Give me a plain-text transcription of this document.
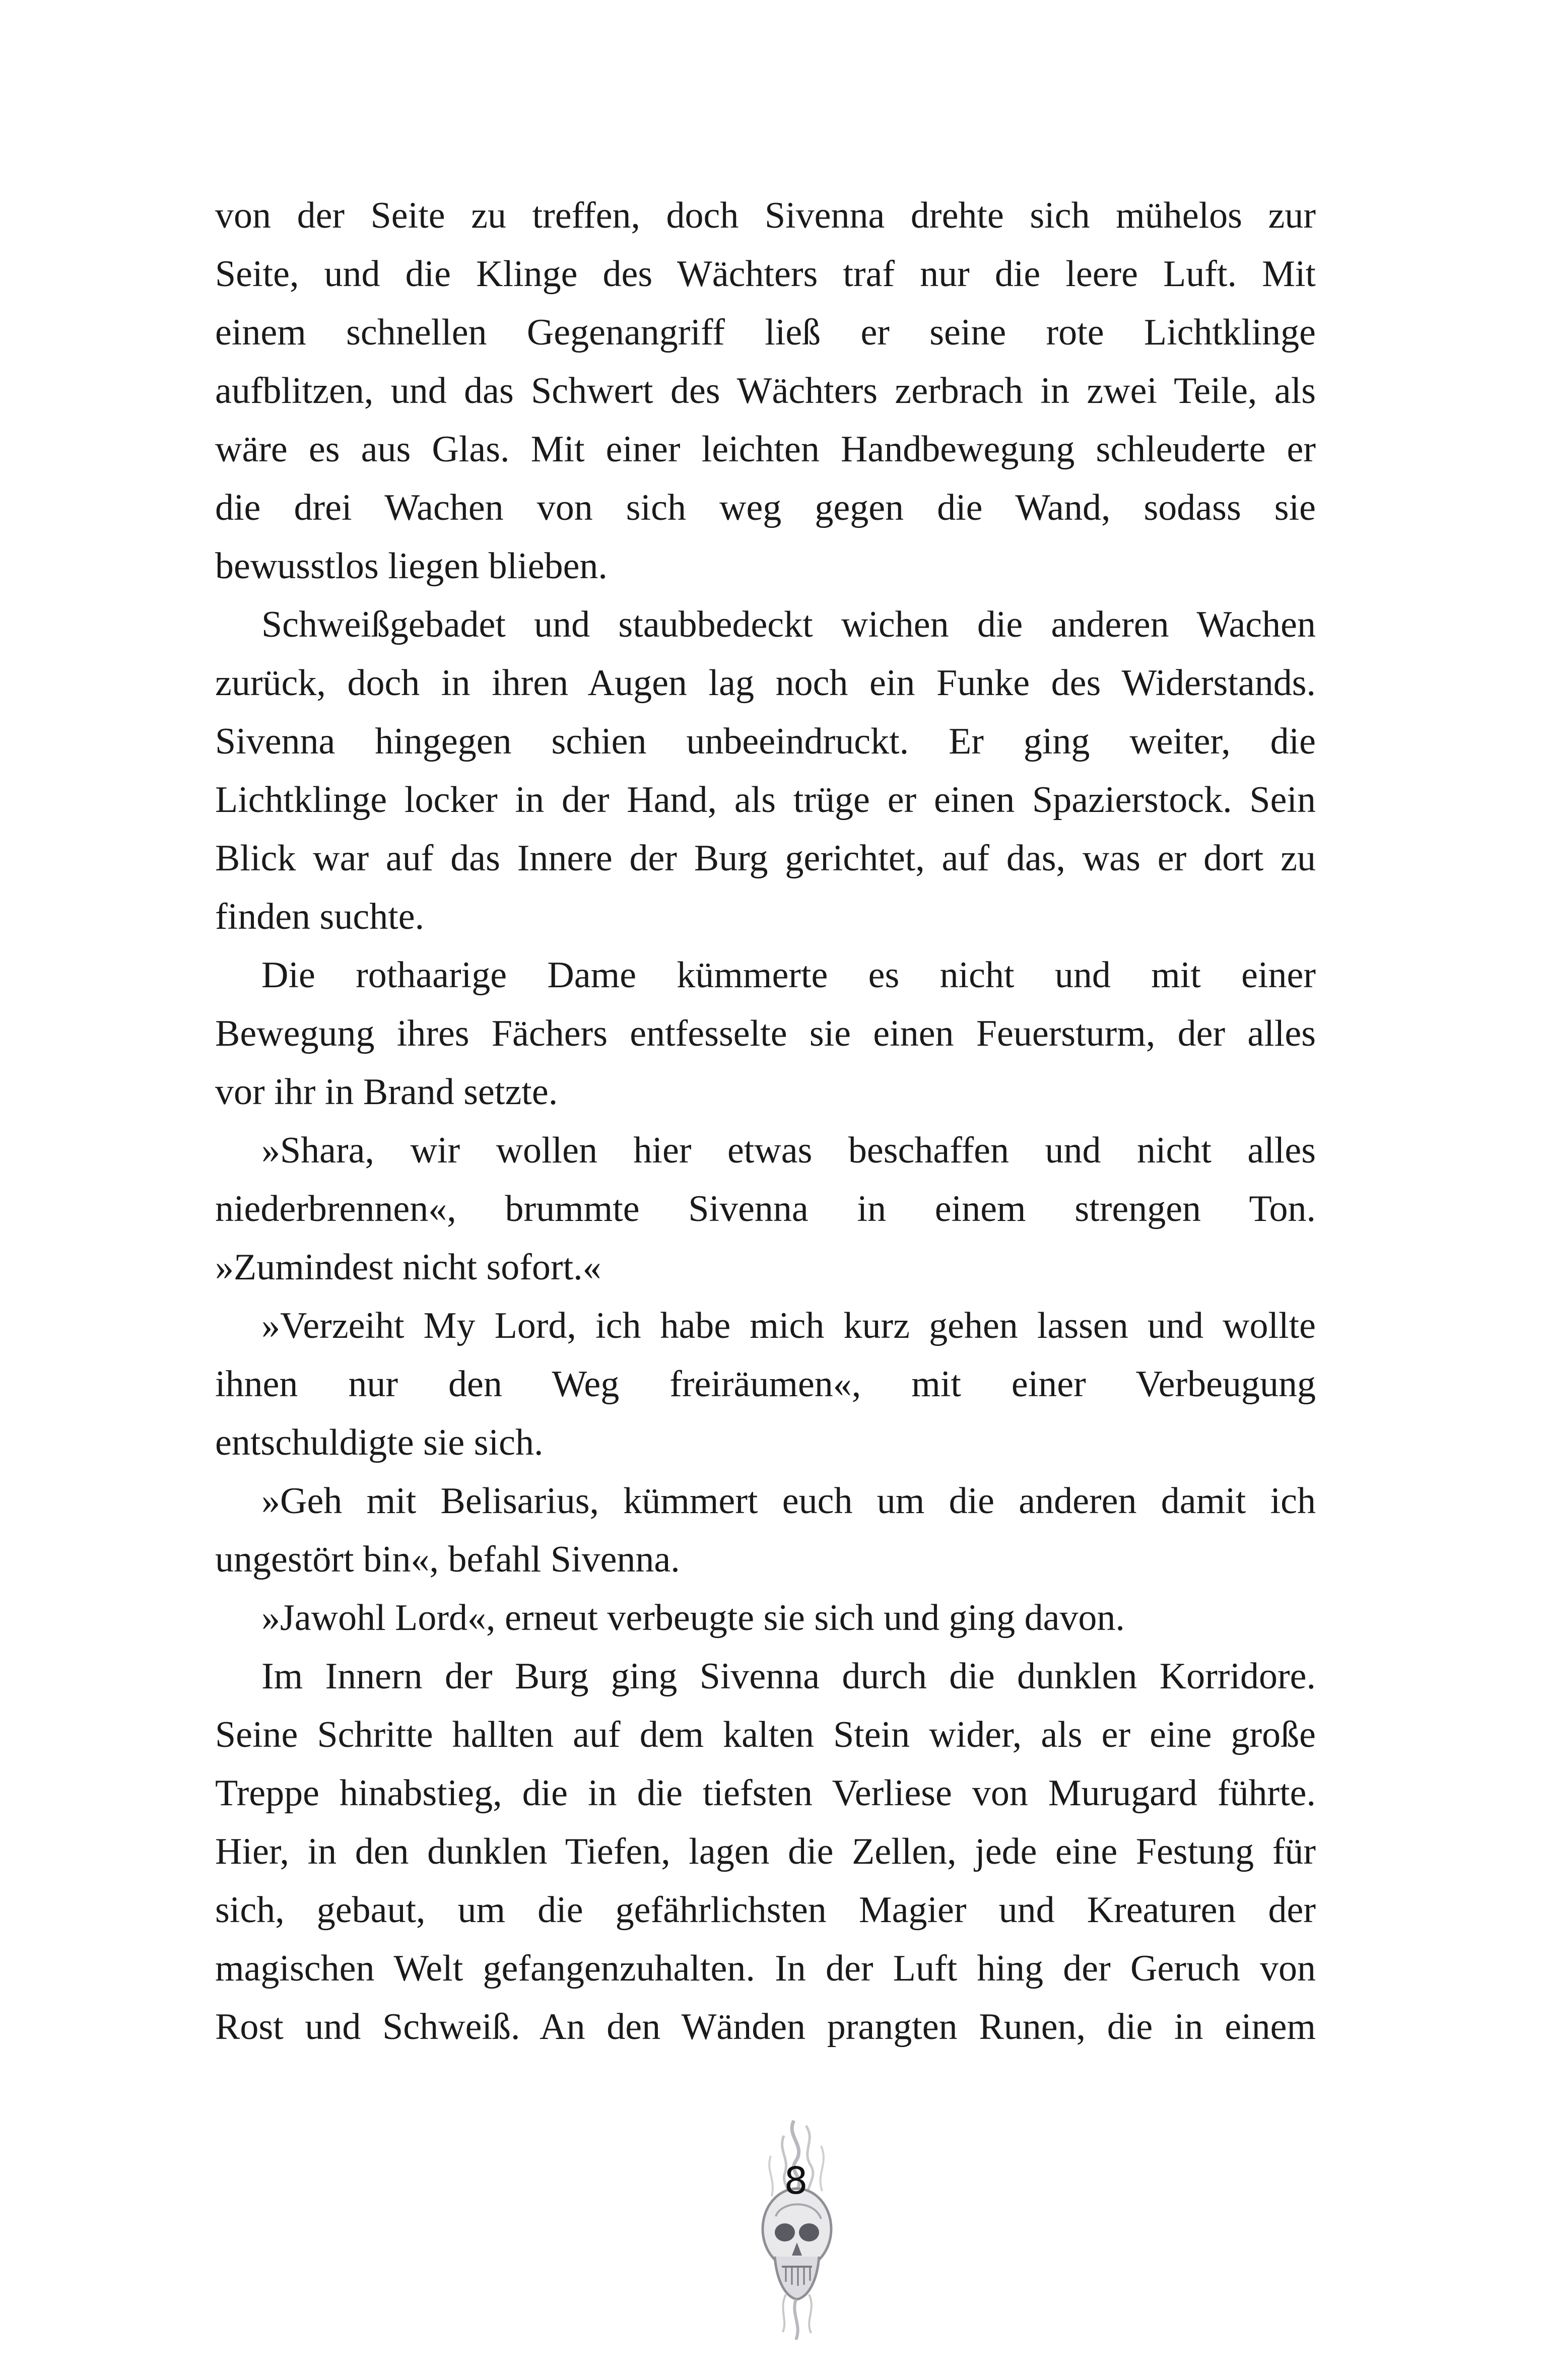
von der Seite zu treffen, doch Sivenna drehte sich mühelos zur
Seite, und die Klinge des Wächters traf nur die leere Luft. Mit
einem schnellen Gegenangriff ließ er seine rote Lichtklinge
aufblitzen, und das Schwert des Wächters zerbrach in zwei Teile, als
wäre es aus Glas. Mit einer leichten Handbewegung schleuderte er
die drei Wachen von sich weg gegen die Wand, sodass sie
bewusstlos liegen blieben.
Schweißgebadet und staubbedeckt wichen die anderen Wachen
zurück, doch in ihren Augen lag noch ein Funke des Widerstands.
Sivenna hingegen schien unbeeindruckt. Er ging weiter, die
Lichtklinge locker in der Hand, als trüge er einen Spazierstock. Sein
Blick war auf das Innere der Burg gerichtet, auf das, was er dort zu
finden suchte.
Die rothaarige Dame kümmerte es nicht und mit einer
Bewegung ihres Fächers entfesselte sie einen Feuersturm, der alles
vor ihr in Brand setzte.
»Shara, wir wollen hier etwas beschaffen und nicht alles
niederbrennen«, brummte Sivenna in einem strengen Ton.
»Zumindest nicht sofort.«
»Verzeiht My Lord, ich habe mich kurz gehen lassen und wollte
ihnen nur den Weg freiräumen«, mit einer Verbeugung
entschuldigte sie sich.
»Geh mit Belisarius, kümmert euch um die anderen damit ich
ungestört bin«, befahl Sivenna.
»Jawohl Lord«, erneut verbeugte sie sich und ging davon.
Im Innern der Burg ging Sivenna durch die dunklen Korridore.
Seine Schritte hallten auf dem kalten Stein wider, als er eine große
Treppe hinabstieg, die in die tiefsten Verliese von Murugard führte.
Hier, in den dunklen Tiefen, lagen die Zellen, jede eine Festung für
sich, gebaut, um die gefährlichsten Magier und Kreaturen der
magischen Welt gefangenzuhalten. In der Luft hing der Geruch von
Rost und Schweiß. An den Wänden prangten Runen, die in einem
8
